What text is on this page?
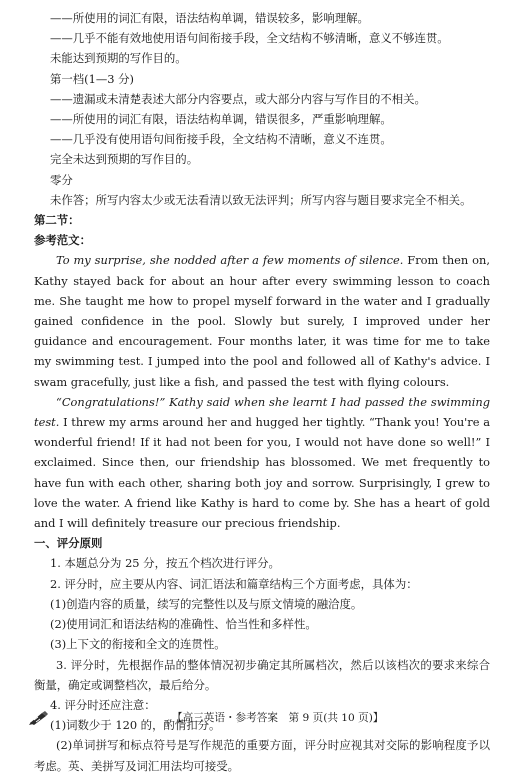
——所使用的词汇有限，语法结构单调，错误较多，影响理解。
——几乎不能有效地使用语句间衔接手段，全文结构不够清晰，意义不够连贯。
未能达到预期的写作目的。
第一档(1—3 分)
——遗漏或未清楚表述大部分内容要点，或大部分内容与写作目的不相关。
——所使用的词汇有限，语法结构单调，错误很多，严重影响理解。
——几乎没有使用语句间衔接手段，全文结构不清晰，意义不连贯。
完全未达到预期的写作目的。
零分
未作答；所写内容太少或无法看清以致无法评判；所写内容与题目要求完全不相关。
第二节：
参考范文：

To my surprise, she nodded after a few moments of silence. From then on, Kathy stayed back for about an hour after every swimming lesson to coach me. She taught me how to propel myself forward in the water and I gradually gained confidence in the pool. Slowly but surely, I improved under her guidance and encouragement. Four months later, it was time for me to take my swimming test. I jumped into the pool and followed all of Kathy's advice. I swam gracefully, just like a fish, and passed the test with flying colours.

“Congratulations!” Kathy said when she learnt I had passed the swimming test. I threw my arms around her and hugged her tightly. “Thank you! You're a wonderful friend! If it had not been for you, I would not have done so well!” I exclaimed. Since then, our friendship has blossomed. We met frequently to have fun with each other, sharing both joy and sorrow. Surprisingly, I grew to love the water. A friend like Kathy is hard to come by. She has a heart of gold and I will definitely treasure our precious friendship.

一、评分原则
1. 本题总分为 25 分，按五个档次进行评分。
2. 评分时，应主要从内容、词汇语法和篇章结构三个方面考虑，具体为：
(1)创造内容的质量，续写的完整性以及与原文情境的融洽度。
(2)使用词汇和语法结构的准确性、恰当性和多样性。
(3)上下文的衔接和全文的连贯性。

3. 评分时，先根据作品的整体情况初步确定其所属档次，然后以该档次的要求来综合衡量，确定或调整档次，最后给分。

4. 评分时还应注意：
(1)词数少于 120 的，酌情扣分。

(2)单词拼写和标点符号是写作规范的重要方面，评分时应视其对交际的影响程度予以考虑。英、美拼写及词汇用法均可接受。

【高三英语・参考答案　第 9 页(共 10 页)】
